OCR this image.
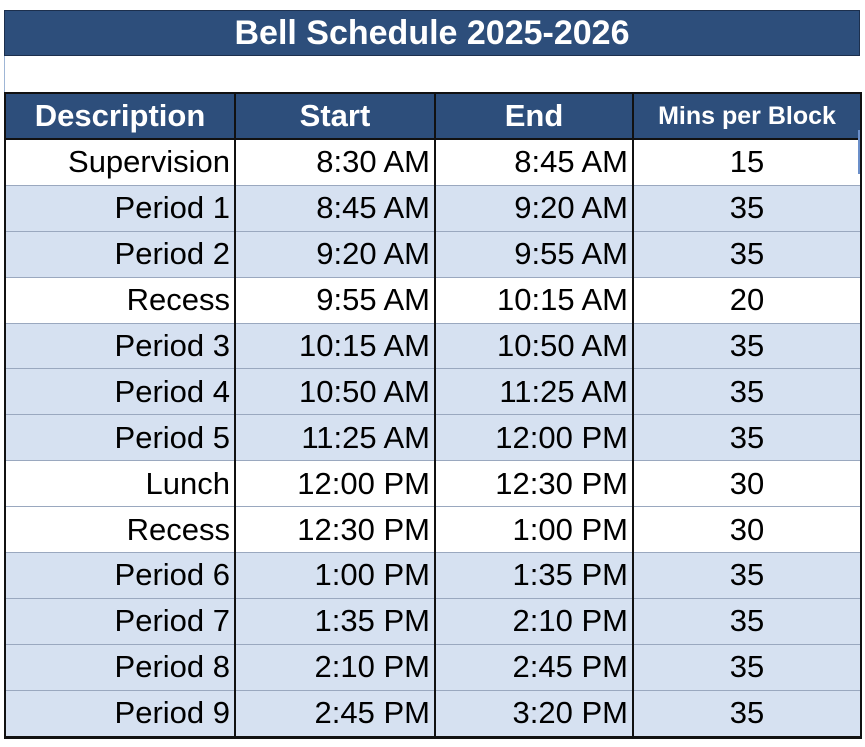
Bell Schedule 2025-2026
Description	Start	End	Mins per Block
Supervision	8:30 AM	8:45 AM	15
Period 1	8:45 AM	9:20 AM	35
Period 2	9:20 AM	9:55 AM	35
Recess	9:55 AM	10:15 AM	20
Period 3	10:15 AM	10:50 AM	35
Period 4	10:50 AM	11:25 AM	35
Period 5	11:25 AM	12:00 PM	35
Lunch	12:00 PM	12:30 PM	30
Recess	12:30 PM	1:00 PM	30
Period 6	1:00 PM	1:35 PM	35
Period 7	1:35 PM	2:10 PM	35
Period 8	2:10 PM	2:45 PM	35
Period 9	2:45 PM	3:20 PM	35
